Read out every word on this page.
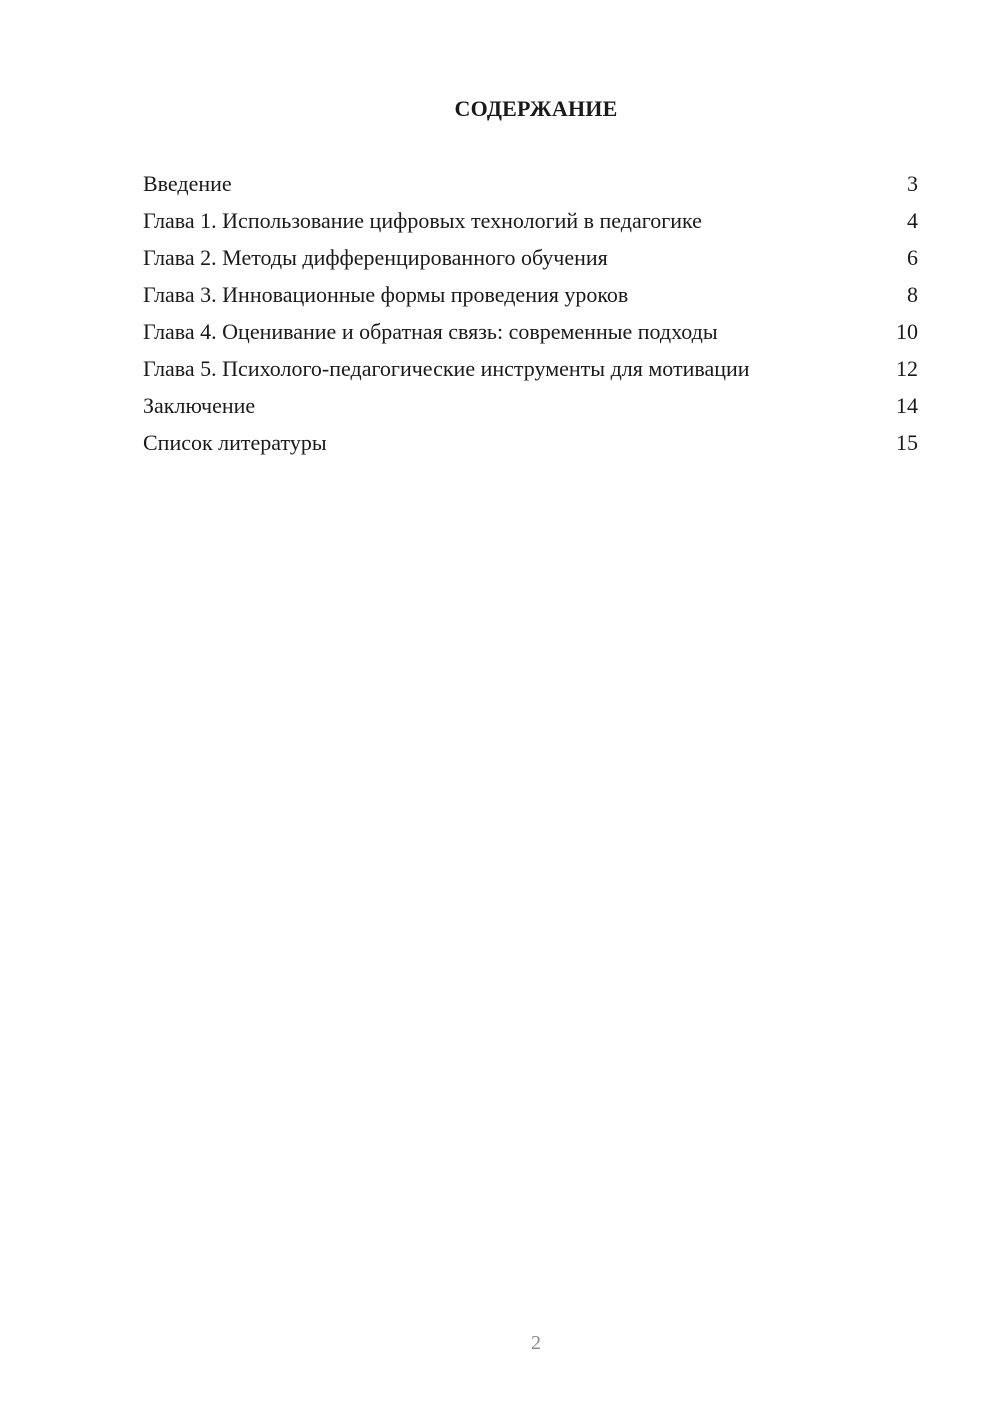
СОДЕРЖАНИЕ
Введение	3
Глава 1. Использование цифровых технологий в педагогике	4
Глава 2. Методы дифференцированного обучения	6
Глава 3. Инновационные формы проведения уроков	8
Глава 4. Оценивание и обратная связь: современные подходы	10
Глава 5. Психолого-педагогические инструменты для мотивации	12
Заключение	14
Список литературы	15
2
